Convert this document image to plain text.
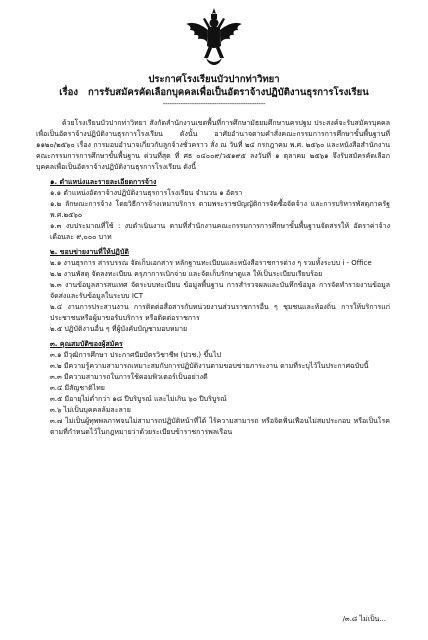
ประกาศโรงเรียนบัวปากท่าวิทยา
เรื่อง การรับสมัครคัดเลือกบุคคลเพื่อเป็นอัตราจ้างปฏิบัติงานธุรการโรงเรียน
----------------------------------------------

ด้วยโรงเรียนบัวปากท่าวิทยา สังกัดสำนักงานเขตพื้นที่การศึกษามัธยมศึกษานครปฐม ประสงค์จะรับสมัครบุคคลเพื่อเป็นอัตราจ้างปฏิบัติงานธุรการโรงเรียน ดังนั้น อาศัยอำนาจตามคำสั่งคณะกรรมการการศึกษาขั้นพื้นฐานที่ ๑๑๒๐/๒๕๖๐ เรื่อง การมอบอำนาจเกี่ยวกับลูกจ้างชั่วคราว สั่ง ณ วันที่ ๒๔ กรกฎาคม พ.ศ. ๒๕๖๐ และหนังสือสำนักงานคณะกรรมการการศึกษาขั้นพื้นฐาน ด่วนที่สุด ที่ ศธ ๐๔๐๐๙/ว๕๑๙๕ ลงวันที่ ๑ ตุลาคม ๒๕๖๑ จึงรับสมัครคัดเลือกบุคคลเพื่อเป็นอัตราจ้างปฏิบัติงานธุรการโรงเรียน ดังนี้

๑. ตำแหน่งและรายละเอียดการจ้าง

๑.๑ ตำแหน่งอัตราจ้างปฏิบัติงานธุรการโรงเรียน จำนวน ๑ อัตรา

๑.๒ ลักษณะการจ้าง โดยวิธีการจ้างเหมาบริการ ตามพระราชบัญญัติการจัดซื้อจัดจ้าง และการบริหารพัสดุภาครัฐ พ.ศ.๒๕๖๐

๑.๓ งบประมาณที่ใช้ : งบดำเนินงาน ตามที่สำนักงานคณะกรรมการการศึกษาขั้นพื้นฐานจัดสรรให้ อัตราค่าจ้างเดือนละ ๙,๐๐๐ บาท

๒. ขอบข่ายงานที่ให้ปฏิบัติ

๒.๑ งานธุรการ สารบรรณ จัดเก็บเอกสาร หลักฐานทะเบียนและหนังสือราชการต่าง ๆ รวมทั้งระบบ i - Office

๒.๒ งานพัสดุ จัดลงทะเบียน ครุภาการเบิกจ่าย และจัดเก็บรักษาดูแล ให้เป็นระเบียบเรียบร้อย

๒.๓ งานข้อมูลสารสนเทศ จัดระบบทะเบียน ข้อมูลพื้นฐาน การสำรวจผลและบันทึกข้อมูล การจัดทำรายงานข้อมูล จัดส่งและรับข้อมูลในระบบ ICT

๒.๔ งานการประสานงาน การติดต่อสื่อสารกับหน่วยงานส่วนราชการอื่น ๆ ชุมชนและท้องถิ่น การให้บริการแก่ประชาชนหรือผู้มาขอรับบริการ หรือติดต่อราชการ

๒.๕ ปฏิบัติงานอื่น ๆ ที่ผู้บังคับบัญชามอบหมาย

๓. คุณสมบัติของผู้สมัคร

๓.๑ มีวุฒิการศึกษา ประกาศนียบัตรวิชาชีพ (ปวช.) ขึ้นไป

๓.๒ มีความรู้ความสามารถเหมาะสมกับการปฏิบัติงานตามขอบข่ายภาระงาน ตามที่ระบุไว้ในประกาศฉบับนี้

๓.๓ มีความสามารถในการใช้คอมพิวเตอร์เป็นอย่างดี

๓.๔ มีสัญชาติไทย

๓.๕ มีอายุไม่ต่ำกว่า ๑๘ ปีบริบูรณ์ และไม่เกิน ๖๐ ปีบริบูรณ์

๓.๖ ไม่เป็นบุคคลล้มละลาย

๓.๗ ไม่เป็นผู้ทุพพลภาพจนไม่สามารถปฏิบัติหน้าที่ได้ ไร้ความสามารถ หรือจิตฟั่นเฟือนไม่สมประกอบ หรือเป็นโรคตามที่กำหนดไว้ในกฎหมายว่าด้วยระเบียบข้าราชการพลเรือน

/๓.๘ ไม่เป็น...
